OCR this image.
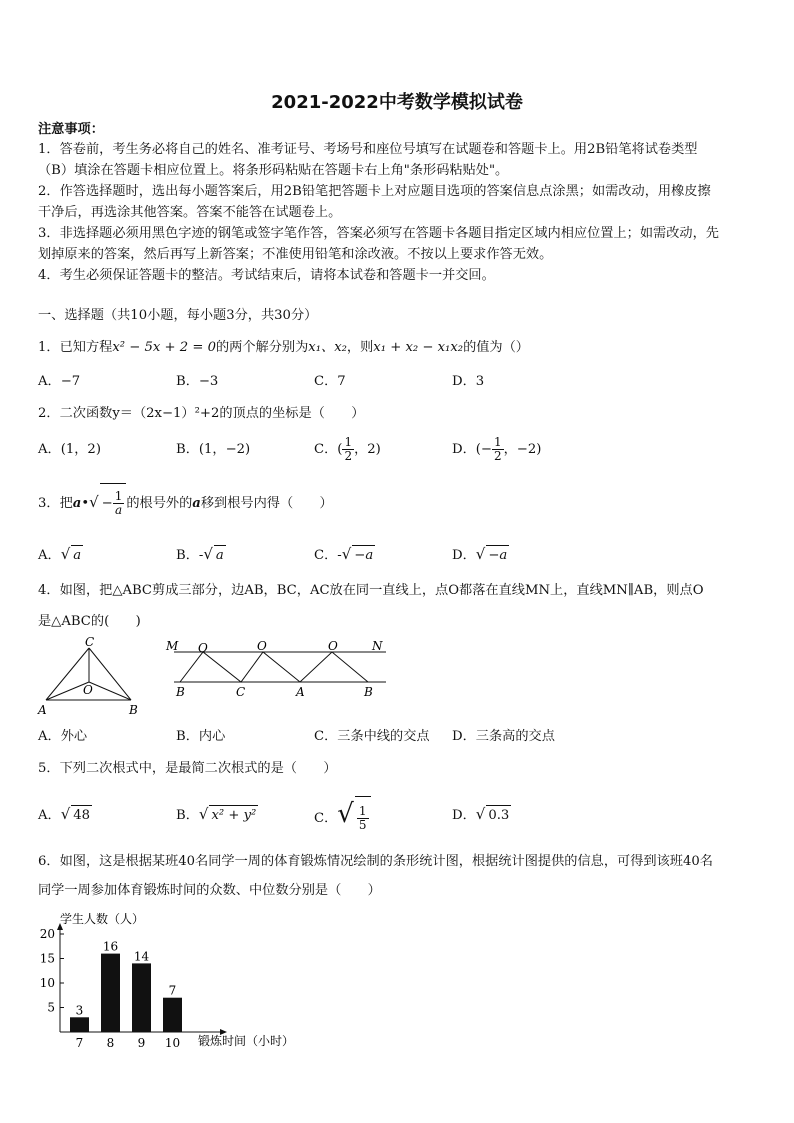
2021-2022中考数学模拟试卷
注意事项：
1．答卷前，考生务必将自己的姓名、准考证号、考场号和座位号填写在试题卷和答题卡上。用2B铅笔将试卷类型
（B）填涂在答题卡相应位置上。将条形码粘贴在答题卡右上角"条形码粘贴处"。
2．作答选择题时，选出每小题答案后，用2B铅笔把答题卡上对应题目选项的答案信息点涂黑；如需改动，用橡皮擦
干净后，再选涂其他答案。答案不能答在试题卷上。
3．非选择题必须用黑色字迹的钢笔或签字笔作答，答案必须写在答题卡各题目指定区域内相应位置上；如需改动，先
划掉原来的答案，然后再写上新答案；不准使用铅笔和涂改液。不按以上要求作答无效。
4．考生必须保证答题卡的整洁。考试结束后，请将本试卷和答题卡一并交回。
一、选择题（共10小题，每小题3分，共30分）
1．已知方程x² − 5x + 2 = 0的两个解分别为x₁、x₂，则x₁ + x₂ − x₁x₂的值为（）
A．−7	B．−3	C．7	D．3
2．二次函数y＝（2x−1）²+2的顶点的坐标是（　　）
A．(1，2)	B．(1，−2)	C．( $\frac{1}{2}$ ，2)	D．(− $\frac{1}{2}$ ，−2)
3．把a•√ − $\frac{1}{a}$ 的根号外的a移到根号内得（　　）
A．√ a	B．-√ a	C．-√ −a	D．√ −a
4．如图，把△ABC剪成三部分，边AB，BC，AC放在同一直线上，点O都落在直线MN上，直线MN∥AB，则点O
是△ABC的(　　)
C
O
A	B
M O	O	O	N
B	C	A	B
A．外心	B．内心	C．三条中线的交点 D．三条高的交点
5．下列二次根式中，是最简二次根式的是（　　）
A．√ 48	B．√ x² + y²	C．√ $\frac{1}{5}$	D．√ 0.3
6．如图，这是根据某班40名同学一周的体育锻炼情况绘制的条形统计图，根据统计图提供的信息，可得到该班40名
同学一周参加体育锻炼时间的众数、中位数分别是（　　）
学生人数（人）
锻炼时间（小时）
5
10
15
20
3
7
16
8
14
9
7
10
